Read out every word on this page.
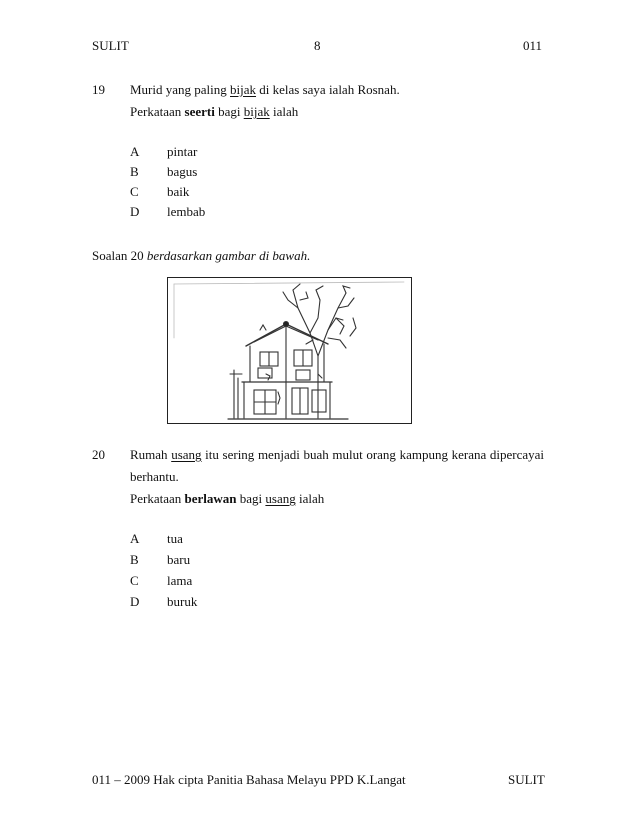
SULIT	8	011
19 Murid yang paling bijak di kelas saya ialah Rosnah.
Perkataan seerti bagi bijak ialah
A pintar
B bagus
C baik
D lembab
Soalan 20 berdasarkan gambar di bawah.
20 Rumah usang itu sering menjadi buah mulut orang kampung kerana dipercayai
berhantu.
Perkataan berlawan bagi usang ialah
A tua
B baru
C lama
D buruk
011 – 2009 Hak cipta Panitia Bahasa Melayu PPD K.Langat	SULIT
